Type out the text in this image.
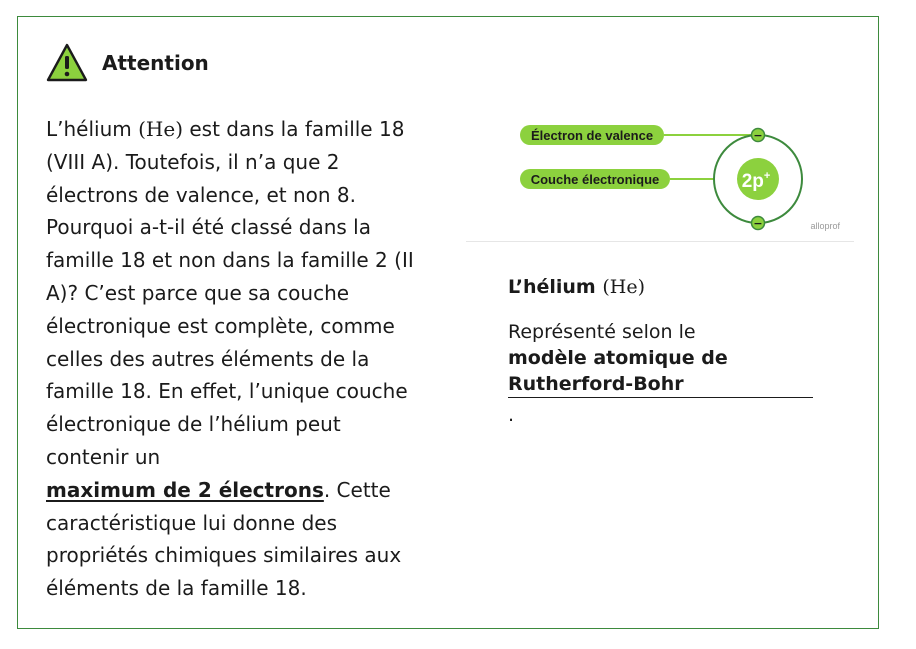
Attention
L’hélium (He) est dans la famille 18 (VIII A). Toutefois, il n’a que 2 électrons de valence, et non 8. Pourquoi a-t-il été classé dans la famille 18 et non dans la famille 2 (II A)? C’est parce que sa couche électronique est complète, comme celles des autres éléments de la famille 18. En effet, l’unique couche électronique de l’hélium peut contenir un
maximum de 2 électrons. Cette caractéristique lui donne des propriétés chimiques similaires aux éléments de la famille 18.
Électron de valence
Couche électronique	2p+
−
−	alloprof
L’hélium (He)
Représenté selon le
modèle atomique de Rutherford-Bohr
.
